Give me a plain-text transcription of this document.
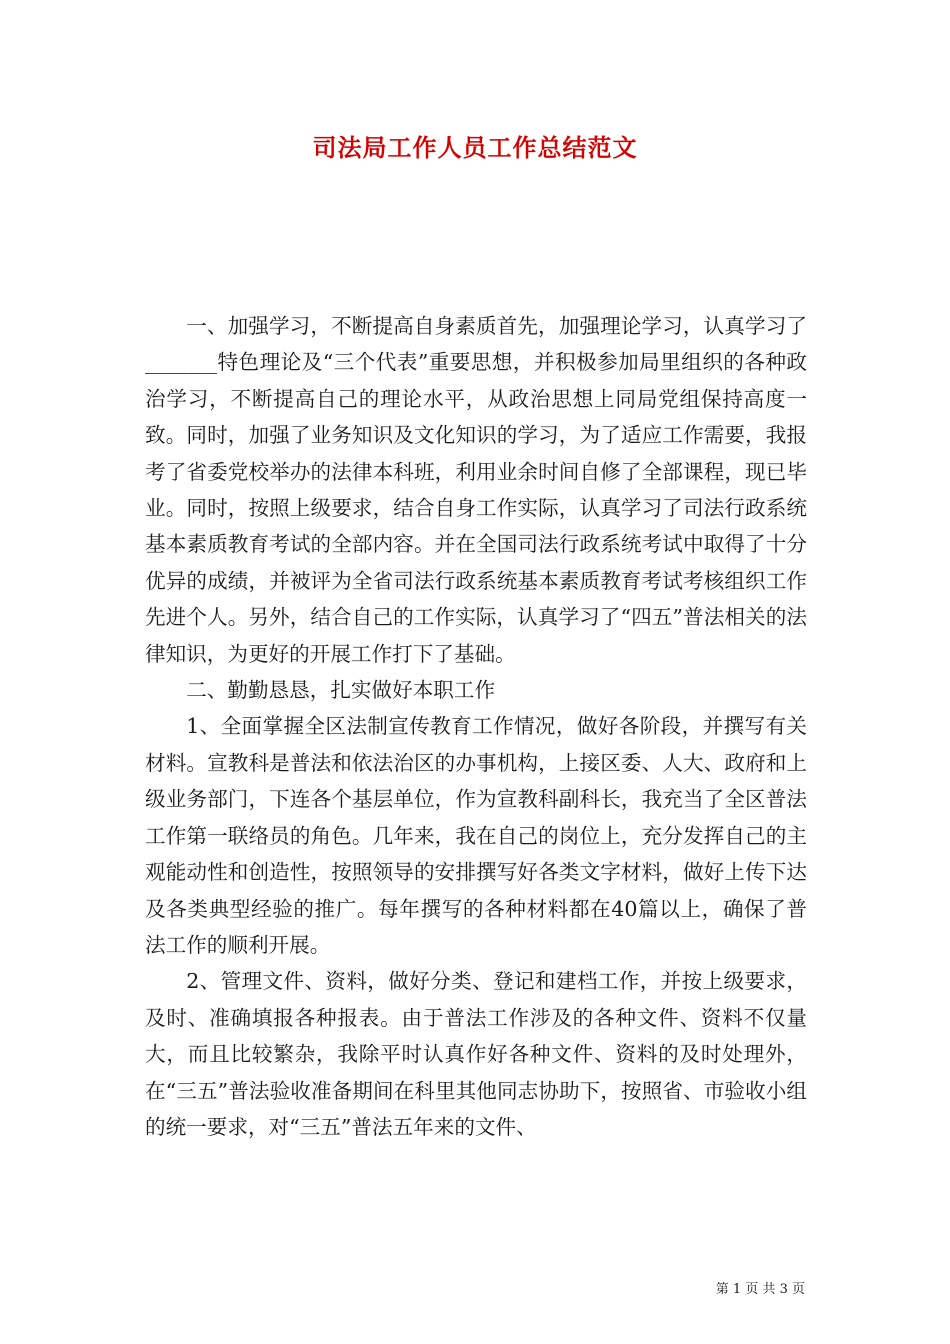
司法局工作人员工作总结范文

一、加强学习，不断提高自身素质首先，加强理论学习，认真学习了_______特色理论及“三个代表”重要思想，并积极参加局里组织的各种政治学习，不断提高自己的理论水平，从政治思想上同局党组保持高度一致。同时，加强了业务知识及文化知识的学习，为了适应工作需要，我报考了省委党校举办的法律本科班，利用业余时间自修了全部课程，现已毕业。同时，按照上级要求，结合自身工作实际，认真学习了司法行政系统基本素质教育考试的全部内容。并在全国司法行政系统考试中取得了十分优异的成绩，并被评为全省司法行政系统基本素质教育考试考核组织工作先进个人。另外，结合自己的工作实际，认真学习了“四五”普法相关的法律知识，为更好的开展工作打下了基础。

二、勤勤恳恳，扎实做好本职工作

1、全面掌握全区法制宣传教育工作情况，做好各阶段，并撰写有关材料。宣教科是普法和依法治区的办事机构，上接区委、人大、政府和上级业务部门，下连各个基层单位，作为宣教科副科长，我充当了全区普法工作第一联络员的角色。几年来，我在自己的岗位上，充分发挥自己的主观能动性和创造性，按照领导的安排撰写好各类文字材料，做好上传下达及各类典型经验的推广。每年撰写的各种材料都在40篇以上，确保了普法工作的顺利开展。

2、管理文件、资料，做好分类、登记和建档工作，并按上级要求，及时、准确填报各种报表。由于普法工作涉及的各种文件、资料不仅量大，而且比较繁杂，我除平时认真作好各种文件、资料的及时处理外，在“三五”普法验收准备期间在科里其他同志协助下，按照省、市验收小组的统一要求，对“三五”普法五年来的文件、

第 1 页 共 3 页
